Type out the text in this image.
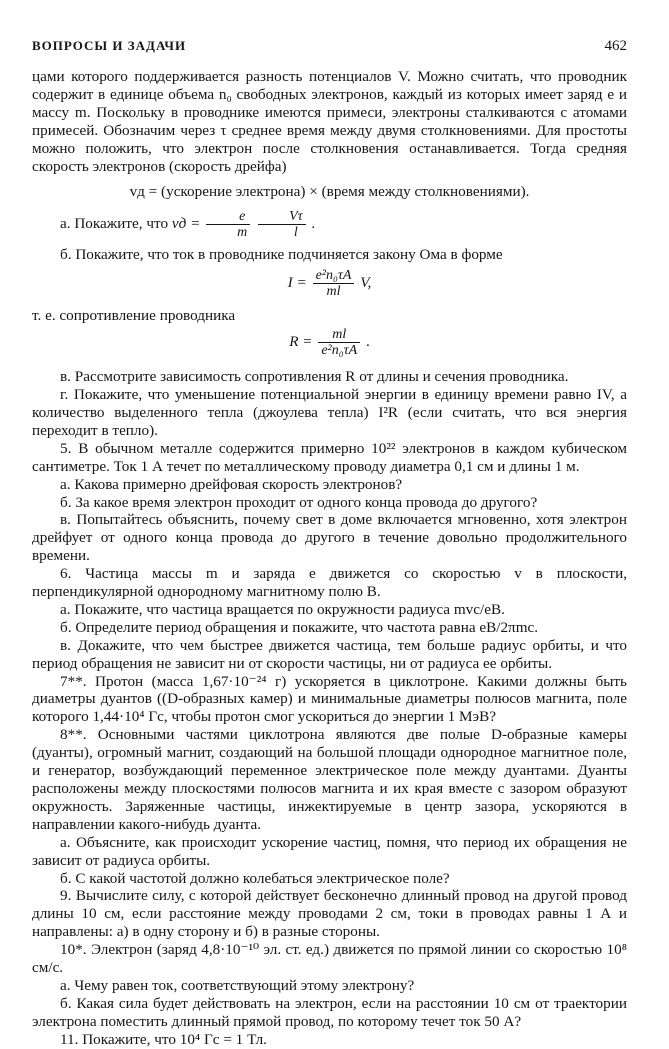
ВОПРОСЫ И ЗАДАЧИ	462

цами которого поддерживается разность потенциалов V. Можно считать, что проводник содержит в единице объема n₀ свободных электронов, каждый из которых имеет заряд e и массу m. Поскольку в проводнике имеются примеси, электроны сталкиваются с атомами примесей. Обозначим через τ среднее время между двумя столкновениями. Для простоты можно положить, что электрон после столкновения останавливается. Тогда средняя скорость электронов (скорость дрейфа)

vд = (ускорение электрона) × (время между столкновениями).

а. Покажите, что vд = $\frac{e}{m}$
$\frac{V\tau}{l}$ .

б. Покажите, что ток в проводнике подчиняется закону Ома в форме

$I = \frac{\text{e²n₀τA}}{ml} V$,

т. е. сопротивление проводника

$R = \frac{ml}{\text{e²n₀τA}}$ .

в. Рассмотрите зависимость сопротивления R от длины и сечения проводника.

г. Покажите, что уменьшение потенциальной энергии в единицу времени равно IV, а количество выделенного тепла (джоулева тепла) I²R (если считать, что вся энергия переходит в тепло).

5. В обычном металле содержится примерно 10²² электронов в каждом кубическом сантиметре. Ток 1 А течет по металлическому проводу диаметра 0,1 см и длины 1 м.

а. Какова примерно дрейфовая скорость электронов?

б. За какое время электрон проходит от одного конца провода до другого?

в. Попытайтесь объяснить, почему свет в доме включается мгновенно, хотя электрон дрейфует от одного конца провода до другого в течение довольно продолжительного времени.

6. Частица массы m и заряда e движется со скоростью v в плоскости, перпендикулярной однородному магнитному полю B.

а. Покажите, что частица вращается по окружности радиуса mvc/eB.

б. Определите период обращения и покажите, что частота равна eB/2πmc.

в. Докажите, что чем быстрее движется частица, тем больше радиус орбиты, и что период обращения не зависит ни от скорости частицы, ни от радиуса ее орбиты.

7**. Протон (масса 1,67·10⁻²⁴ г) ускоряется в циклотроне. Какими должны быть диаметры дуантов ((D-образных камер) и минимальные диаметры полюсов магнита, поле которого 1,44·10⁴ Гс, чтобы протон смог ускориться до энергии 1 МэВ?

8**. Основными частями циклотрона являются две полые D-образные камеры (дуанты), огромный магнит, создающий на большой площади однородное магнитное поле, и генератор, возбуждающий переменное электрическое поле между дуантами. Дуанты расположены между плоскостями полюсов магнита и их края вместе с зазором образуют окружность. Заряженные частицы, инжектируемые в центр зазора, ускоряются в направлении какого-нибудь дуанта.

а. Объясните, как происходит ускорение частиц, помня, что период их обращения не зависит от радиуса орбиты.

б. С какой частотой должно колебаться электрическое поле?

9. Вычислите силу, с которой действует бесконечно длинный провод на другой провод длины 10 см, если расстояние между проводами 2 см, токи в проводах равны 1 А и направлены: а) в одну сторону и б) в разные стороны.

10*. Электрон (заряд 4,8·10⁻¹⁰ эл. ст. ед.) движется по прямой линии со скоростью 10⁸ см/с.

а. Чему равен ток, соответствующий этому электрону?

б. Какая сила будет действовать на электрон, если на расстоянии 10 см от траектории электрона поместить длинный прямой провод, по которому течет ток 50 А?

11. Покажите, что 10⁴ Гс = 1 Тл.
